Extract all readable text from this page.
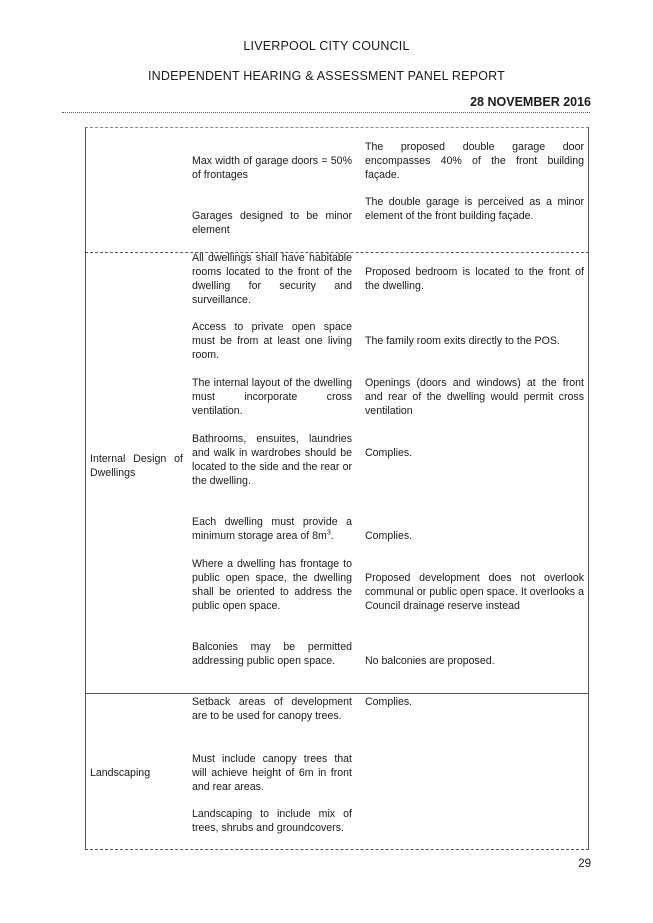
LIVERPOOL CITY COUNCIL
INDEPENDENT HEARING & ASSESSMENT PANEL REPORT
28 NOVEMBER 2016
Internal Design of Dwellings
Landscaping
Max width of garage doors = 50% of frontages
The proposed double garage door encompasses 40% of the front building façade.
Garages designed to be minor element
The double garage is perceived as a minor element of the front building façade.
All dwellings shall have habitable rooms located to the front of the dwelling for security and surveillance.
Proposed bedroom is located to the front of the dwelling.
Access to private open space must be from at least one living room.
The family room exits directly to the POS.
The internal layout of the dwelling must incorporate cross ventilation.
Openings (doors and windows) at the front and rear of the dwelling would permit cross ventilation
Bathrooms, ensuites, laundries and walk in wardrobes should be located to the side and the rear or the dwelling.
Complies.
Each dwelling must provide a minimum storage area of $8m^3$.	Complies.
Where a dwelling has frontage to public open space, the dwelling shall be oriented to address the public open space.
Proposed development does not overlook communal or public open space. It overlooks a Council drainage reserve instead
Balconies may be permitted addressing public open space.	No balconies are proposed.
Setback areas of development are to be used for canopy trees.
Complies.
Must include canopy trees that will achieve height of 6m in front and rear areas.
Landscaping to include mix of trees, shrubs and groundcovers.
29
